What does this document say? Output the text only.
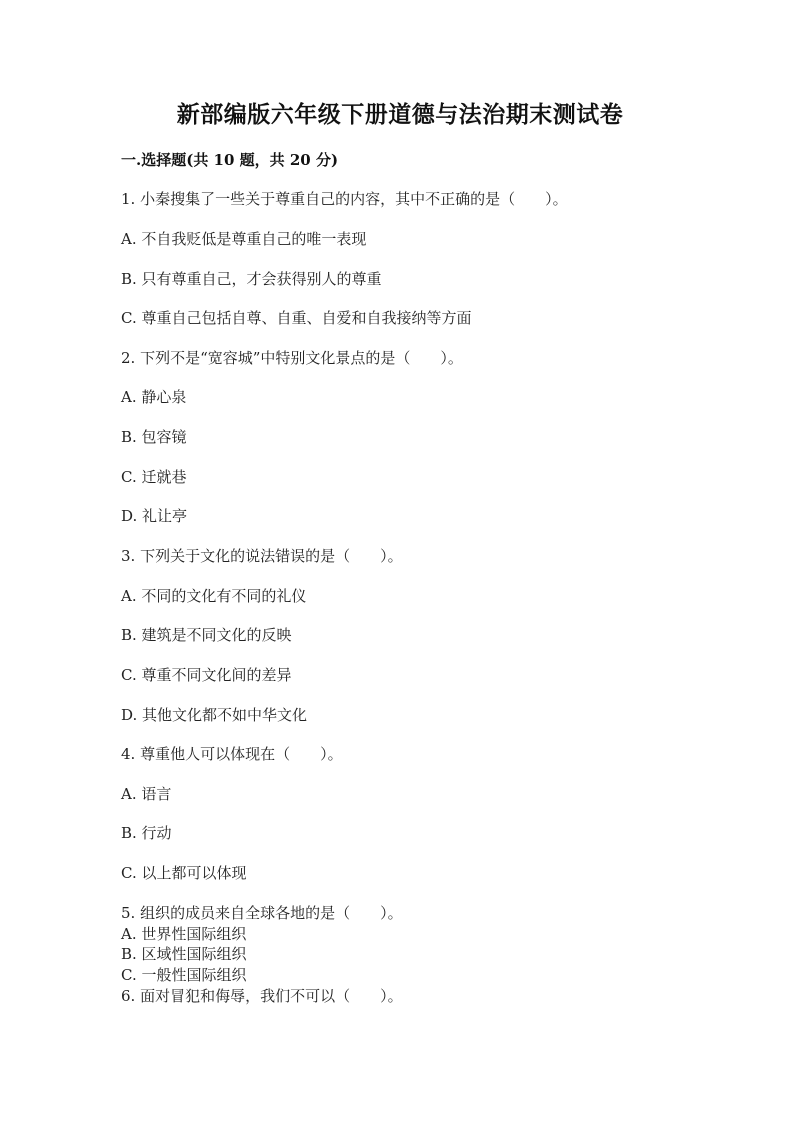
新部编版六年级下册道德与法治期末测试卷
一.选择题(共 10 题，共 20 分)
1. 小秦搜集了一些关于尊重自己的内容，其中不正确的是（　　）。
A. 不自我贬低是尊重自己的唯一表现
B. 只有尊重自己，才会获得别人的尊重
C. 尊重自己包括自尊、自重、自爱和自我接纳等方面
2. 下列不是“宽容城”中特别文化景点的是（　　）。
A. 静心泉
B. 包容镜
C. 迁就巷
D. 礼让亭
3. 下列关于文化的说法错误的是（　　）。
A. 不同的文化有不同的礼仪
B. 建筑是不同文化的反映
C. 尊重不同文化间的差异
D. 其他文化都不如中华文化
4. 尊重他人可以体现在（　　）。
A. 语言
B. 行动
C. 以上都可以体现
5. 组织的成员来自全球各地的是（　　）。
A. 世界性国际组织
B. 区域性国际组织
C. 一般性国际组织
6. 面对冒犯和侮辱，我们不可以（　　）。
